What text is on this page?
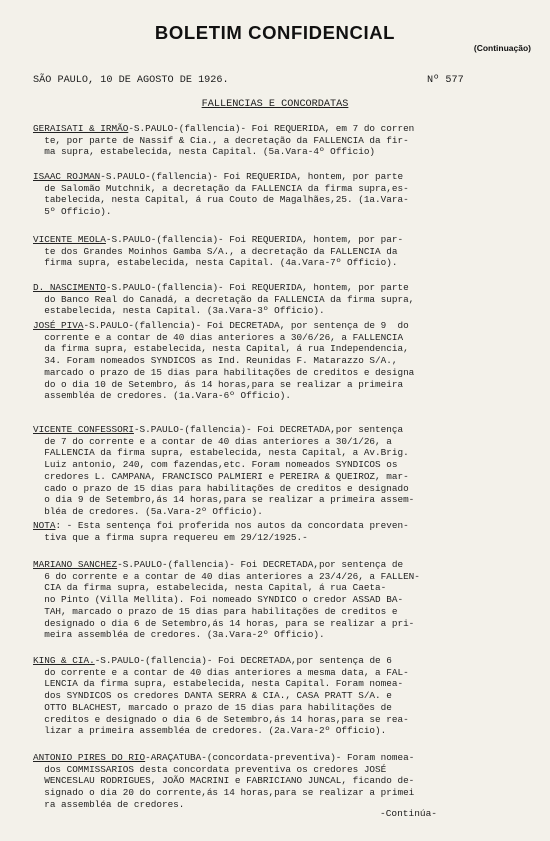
BOLETIM CONFIDENCIAL
(Continuação)
SÃO PAULO, 10 DE AGOSTO DE 1926.	Nº 577
FALLENCIAS E CONCORDATAS
GERAISATI & IRMÃO-S.PAULO-(fallencia)- Foi REQUERIDA, em 7 do corren
te, por parte de Nassif & Cia., a decretação da FALLENCIA da fir-
ma supra, estabelecida, nesta Capital. (5a.Vara-4º Officio)
ISAAC ROJMAN-S.PAULO-(fallencia)- Foi REQUERIDA, hontem, por parte
de Salomão Mutchnik, a decretação da FALLENCIA da firma supra,es-
tabelecida, nesta Capital, á rua Couto de Magalhães,25. (1a.Vara-
5º Officio).
VICENTE MEOLA-S.PAULO-(fallencia)- Foi REQUERIDA, hontem, por par-
te dos Grandes Moinhos Gamba S/A., a decretação da FALLENCIA da
firma supra, estabelecida, nesta Capital. (4a.Vara-7º Officio).
D. NASCIMENTO-S.PAULO-(fallencia)- Foi REQUERIDA, hontem, por parte
do Banco Real do Canadá, a decretação da FALLENCIA da firma supra,
estabelecida, nesta Capital. (3a.Vara-3º Officio).
JOSÉ PIVA-S.PAULO-(fallencia)- Foi DECRETADA, por sentença de 9  do
corrente e a contar de 40 dias anteriores a 30/6/26, a FALLENCIA
da firma supra, estabelecida, nesta Capital, á rua Independencia,
34. Foram nomeados SYNDICOS as Ind. Reunidas F. Matarazzo S/A.,
marcado o prazo de 15 dias para habilitações de creditos e designa
do o dia 10 de Setembro, ás 14 horas,para se realizar a primeira
assembléa de credores. (1a.Vara-6º Officio).
VICENTE CONFESSORI-S.PAULO-(fallencia)- Foi DECRETADA,por sentença
de 7 do corrente e a contar de 40 dias anteriores a 30/1/26, a
FALLENCIA da firma supra, estabelecida, nesta Capital, a Av.Brig.
Luiz antonio, 240, com fazendas,etc. Foram nomeados SYNDICOS os
credores L. CAMPANA, FRANCISCO PALMIERI e PEREIRA & QUEIROZ, mar-
cado o prazo de 15 dias para habilitações de creditos e designado
o dia 9 de Setembro,ás 14 horas,para se realizar a primeira assem-
bléa de credores. (5a.Vara-2º Officio).
NOTA: - Esta sentença foi proferida nos autos da concordata preven-
tiva que a firma supra requereu em 29/12/1925.-
MARIANO SANCHEZ-S.PAULO-(fallencia)- Foi DECRETADA,por sentença de
6 do corrente e a contar de 40 dias anteriores a 23/4/26, a FALLEN-
CIA da firma supra, estabelecida, nesta Capital, á rua Caeta-
no Pinto (Villa Mellita). Foi nomeado SYNDICO o credor ASSAD BA-
TAH, marcado o prazo de 15 dias para habilitações de creditos e
designado o dia 6 de Setembro,ás 14 horas, para se realizar a pri-
meira assembléa de credores. (3a.Vara-2º Officio).
KING & CIA.-S.PAULO-(fallencia)- Foi DECRETADA,por sentença de 6
do corrente e a contar de 40 dias anteriores a mesma data, a FAL-
LENCIA da firma supra, estabelecida, nesta Capital. Foram nomea-
dos SYNDICOS os credores DANTA SERRA & CIA., CASA PRATT S/A. e
OTTO BLACHEST, marcado o prazo de 15 dias para habilitações de
creditos e designado o dia 6 de Setembro,ás 14 horas,para se rea-
lizar a primeira assembléa de credores. (2a.Vara-2º Officio).
ANTONIO PIRES DO RIO-ARAÇATUBA-(concordata-preventiva)- Foram nomea-
dos COMMISSARIOS desta concordata preventiva os credores JOSÉ
WENCESLAU RODRIGUES, JOÃO MACRINI e FABRICIANO JUNCAL, ficando de-
signado o dia 20 do corrente,ás 14 horas,para se realizar a primei
ra assembléa de credores.
-Continúa-
